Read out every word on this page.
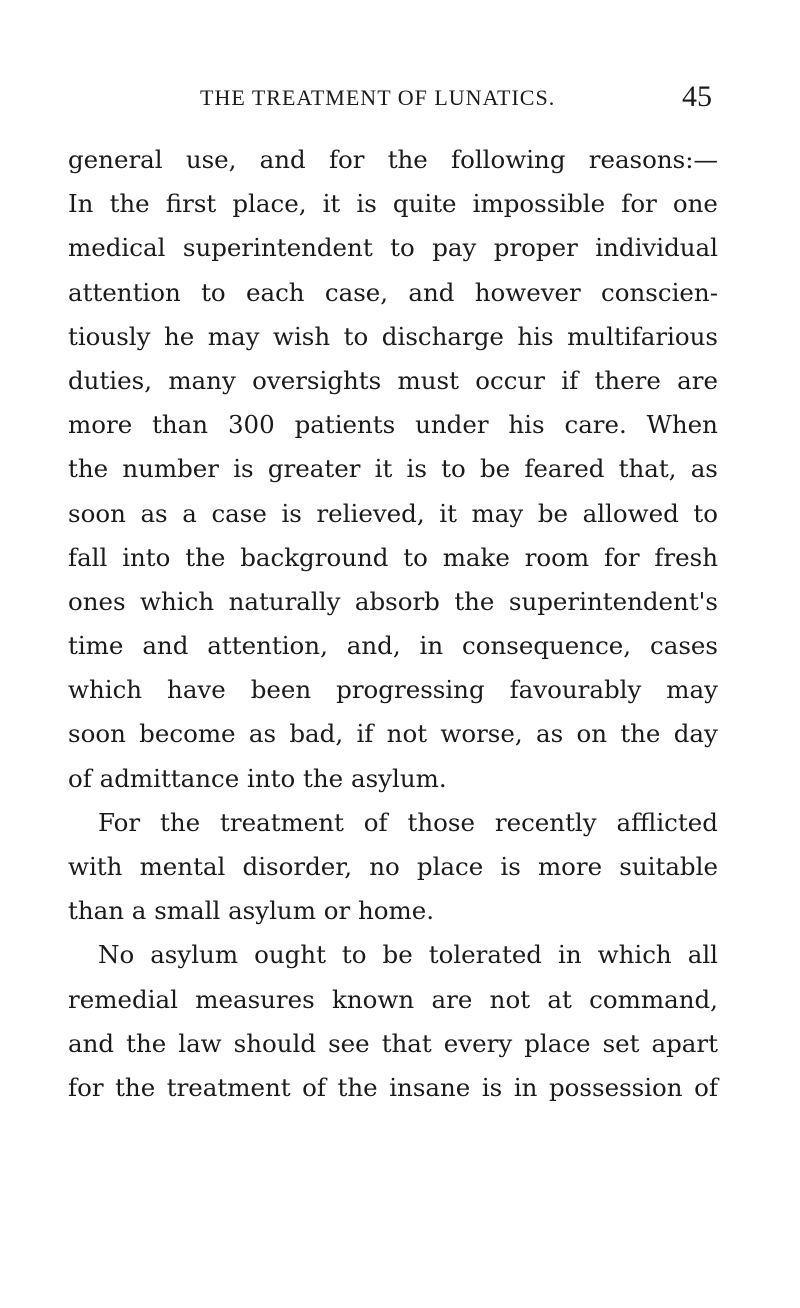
THE TREATMENT OF LUNATICS.	45
general use, and for the following reasons:—
In the first place, it is quite impossible for one
medical superintendent to pay proper individual
attention to each case, and however conscien-
tiously he may wish to discharge his multifarious
duties, many oversights must occur if there are
more than 300 patients under his care. When
the number is greater it is to be feared that, as
soon as a case is relieved, it may be allowed to
fall into the background to make room for fresh
ones which naturally absorb the superintendent's
time and attention, and, in consequence, cases
which have been progressing favourably may
soon become as bad, if not worse, as on the day
of admittance into the asylum.
For the treatment of those recently afflicted
with mental disorder, no place is more suitable
than a small asylum or home.
No asylum ought to be tolerated in which all
remedial measures known are not at command,
and the law should see that every place set apart
for the treatment of the insane is in possession of
